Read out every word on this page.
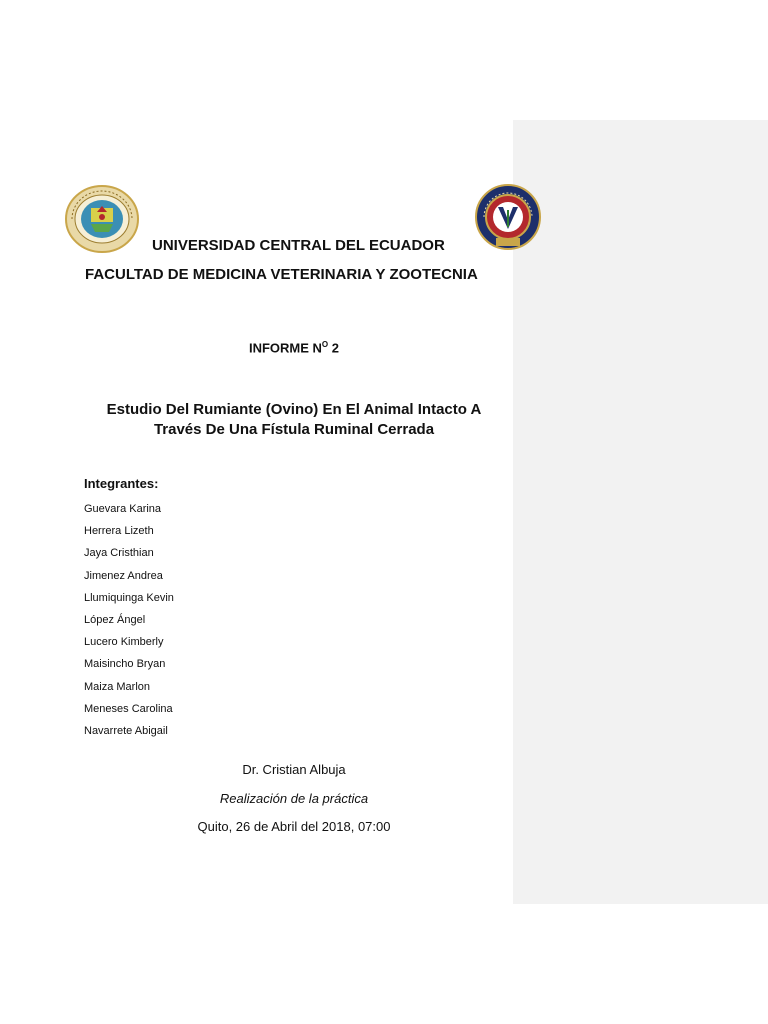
UNIVERSIDAD CENTRAL DEL ECUADOR
FACULTAD DE MEDICINA VETERINARIA Y ZOOTECNIA
INFORME $N^O$ 2
Estudio Del Rumiante (Ovino) En El Animal Intacto A
Través De Una Fístula Ruminal Cerrada
Integrantes:
Guevara Karina
Herrera Lizeth
Jaya Cristhian
Jimenez Andrea
Llumiquinga Kevin
López Ángel
Lucero Kimberly
Maisincho Bryan
Maiza Marlon
Meneses Carolina
Navarrete Abigail
Dr. Cristian Albuja
Realización de la práctica
Quito, 26 de Abril del 2018, 07:00
